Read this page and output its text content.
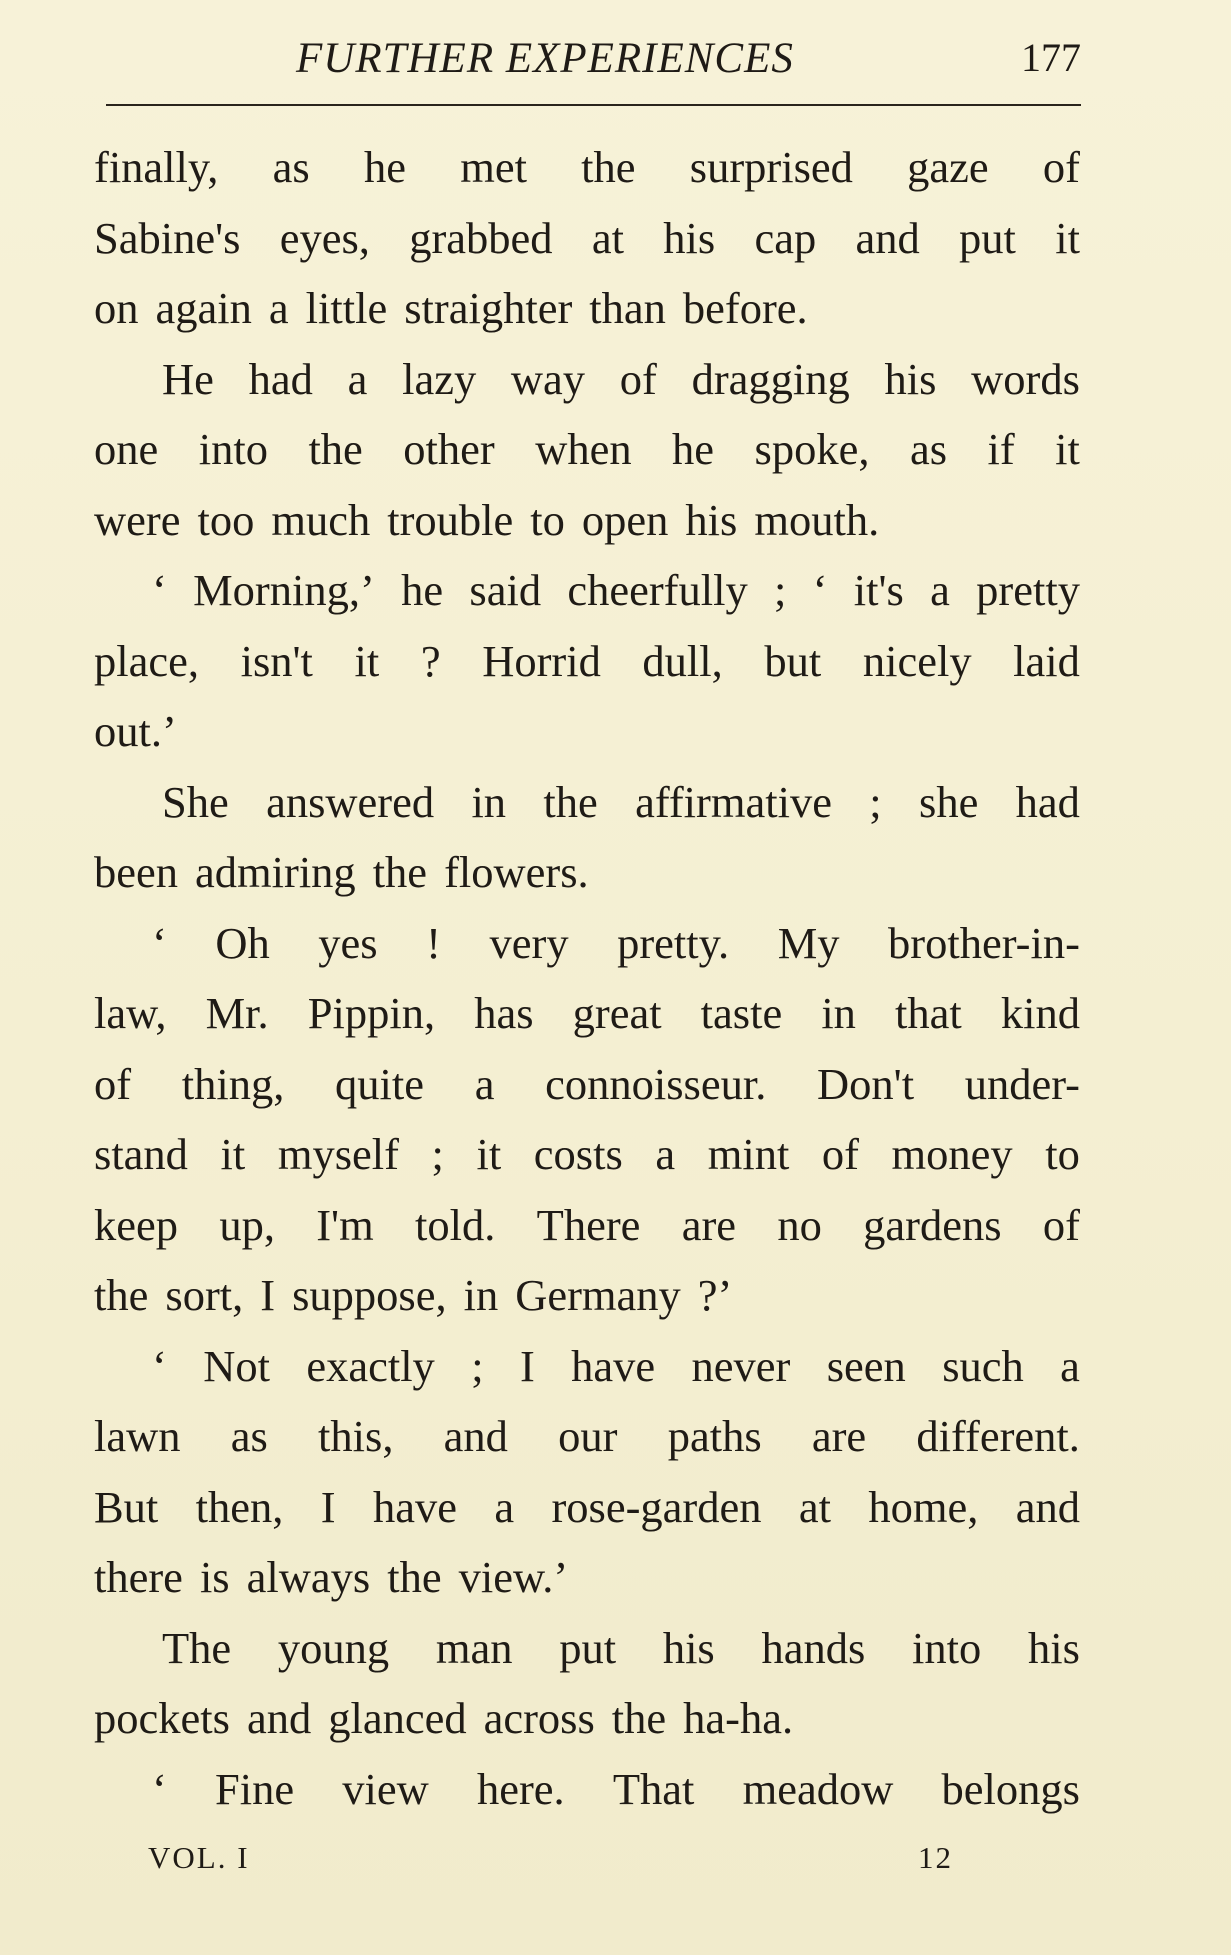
FURTHER EXPERIENCES	177
finally, as he met the surprised gaze of
Sabine's eyes, grabbed at his cap and put it
on again a little straighter than before.
He had a lazy way of dragging his words
one into the other when he spoke, as if it
were too much trouble to open his mouth.
‘ Morning,’ he said cheerfully ; ‘ it's a pretty
place, isn't it ? Horrid dull, but nicely laid
out.’
She answered in the affirmative ; she had
been admiring the flowers.
‘ Oh yes ! very pretty. My brother-in-
law, Mr. Pippin, has great taste in that kind
of thing, quite a connoisseur. Don't under-
stand it myself ; it costs a mint of money to
keep up, I'm told. There are no gardens of
the sort, I suppose, in Germany ?’
‘ Not exactly ; I have never seen such a
lawn as this, and our paths are different.
But then, I have a rose-garden at home, and
there is always the view.’
The young man put his hands into his
pockets and glanced across the ha-ha.
‘ Fine view here. That meadow belongs
VOL. I	12
